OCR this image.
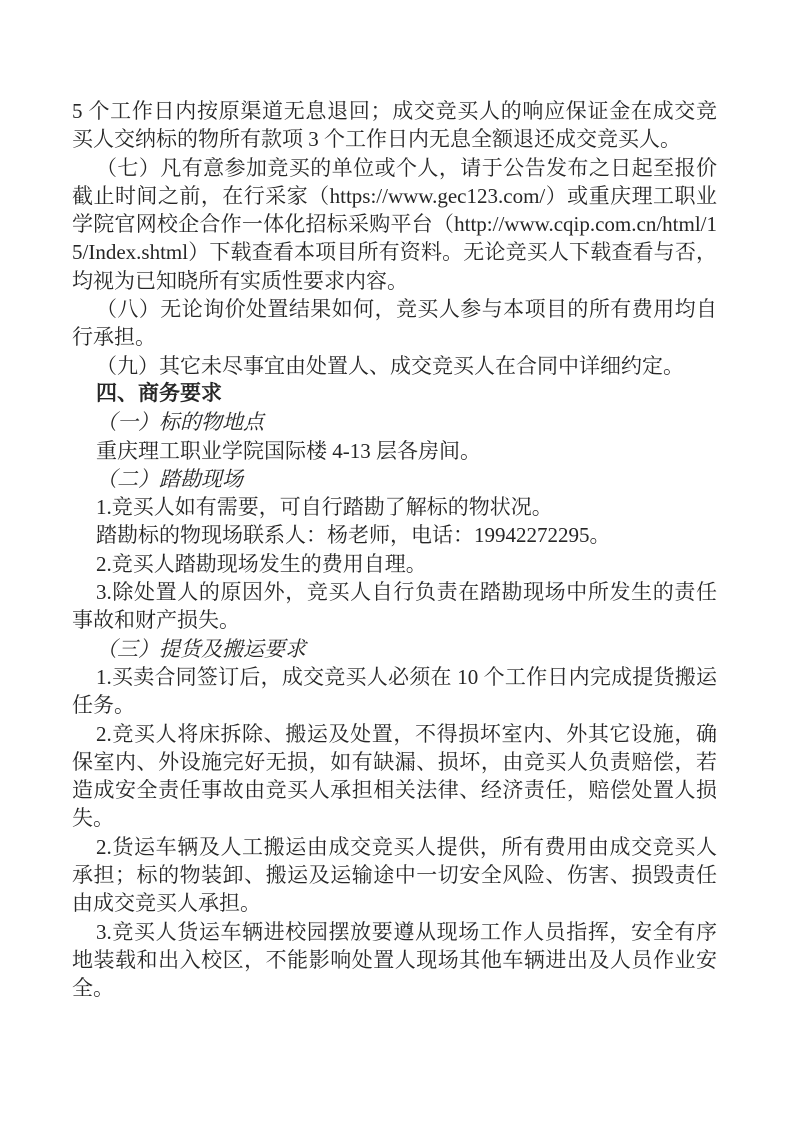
5 个工作日内按原渠道无息退回；成交竞买人的响应保证金在成交竞买人交纳标的物所有款项 3 个工作日内无息全额退还成交竞买人。

（七）凡有意参加竞买的单位或个人，请于公告发布之日起至报价截止时间之前，在行采家（https://www.gec123.com/）或重庆理工职业学院官网校企合作一体化招标采购平台（http://www.cqip.com.cn/html/15/Index.shtml）下载查看本项目所有资料。无论竞买人下载查看与否，均视为已知晓所有实质性要求内容。

（八）无论询价处置结果如何，竞买人参与本项目的所有费用均自行承担。

（九）其它未尽事宜由处置人、成交竞买人在合同中详细约定。

四、商务要求

（一）标的物地点

重庆理工职业学院国际楼 4-13 层各房间。

（二）踏勘现场

1.竞买人如有需要，可自行踏勘了解标的物状况。

踏勘标的物现场联系人：杨老师，电话：19942272295。

2.竞买人踏勘现场发生的费用自理。

3.除处置人的原因外，竞买人自行负责在踏勘现场中所发生的责任事故和财产损失。

（三）提货及搬运要求

1.买卖合同签订后，成交竞买人必须在 10 个工作日内完成提货搬运任务。

2.竞买人将床拆除、搬运及处置，不得损坏室内、外其它设施，确保室内、外设施完好无损，如有缺漏、损坏，由竞买人负责赔偿，若造成安全责任事故由竞买人承担相关法律、经济责任，赔偿处置人损失。

2.货运车辆及人工搬运由成交竞买人提供，所有费用由成交竞买人承担；标的物装卸、搬运及运输途中一切安全风险、伤害、损毁责任由成交竞买人承担。

3.竞买人货运车辆进校园摆放要遵从现场工作人员指挥，安全有序地装载和出入校区，不能影响处置人现场其他车辆进出及人员作业安全。
